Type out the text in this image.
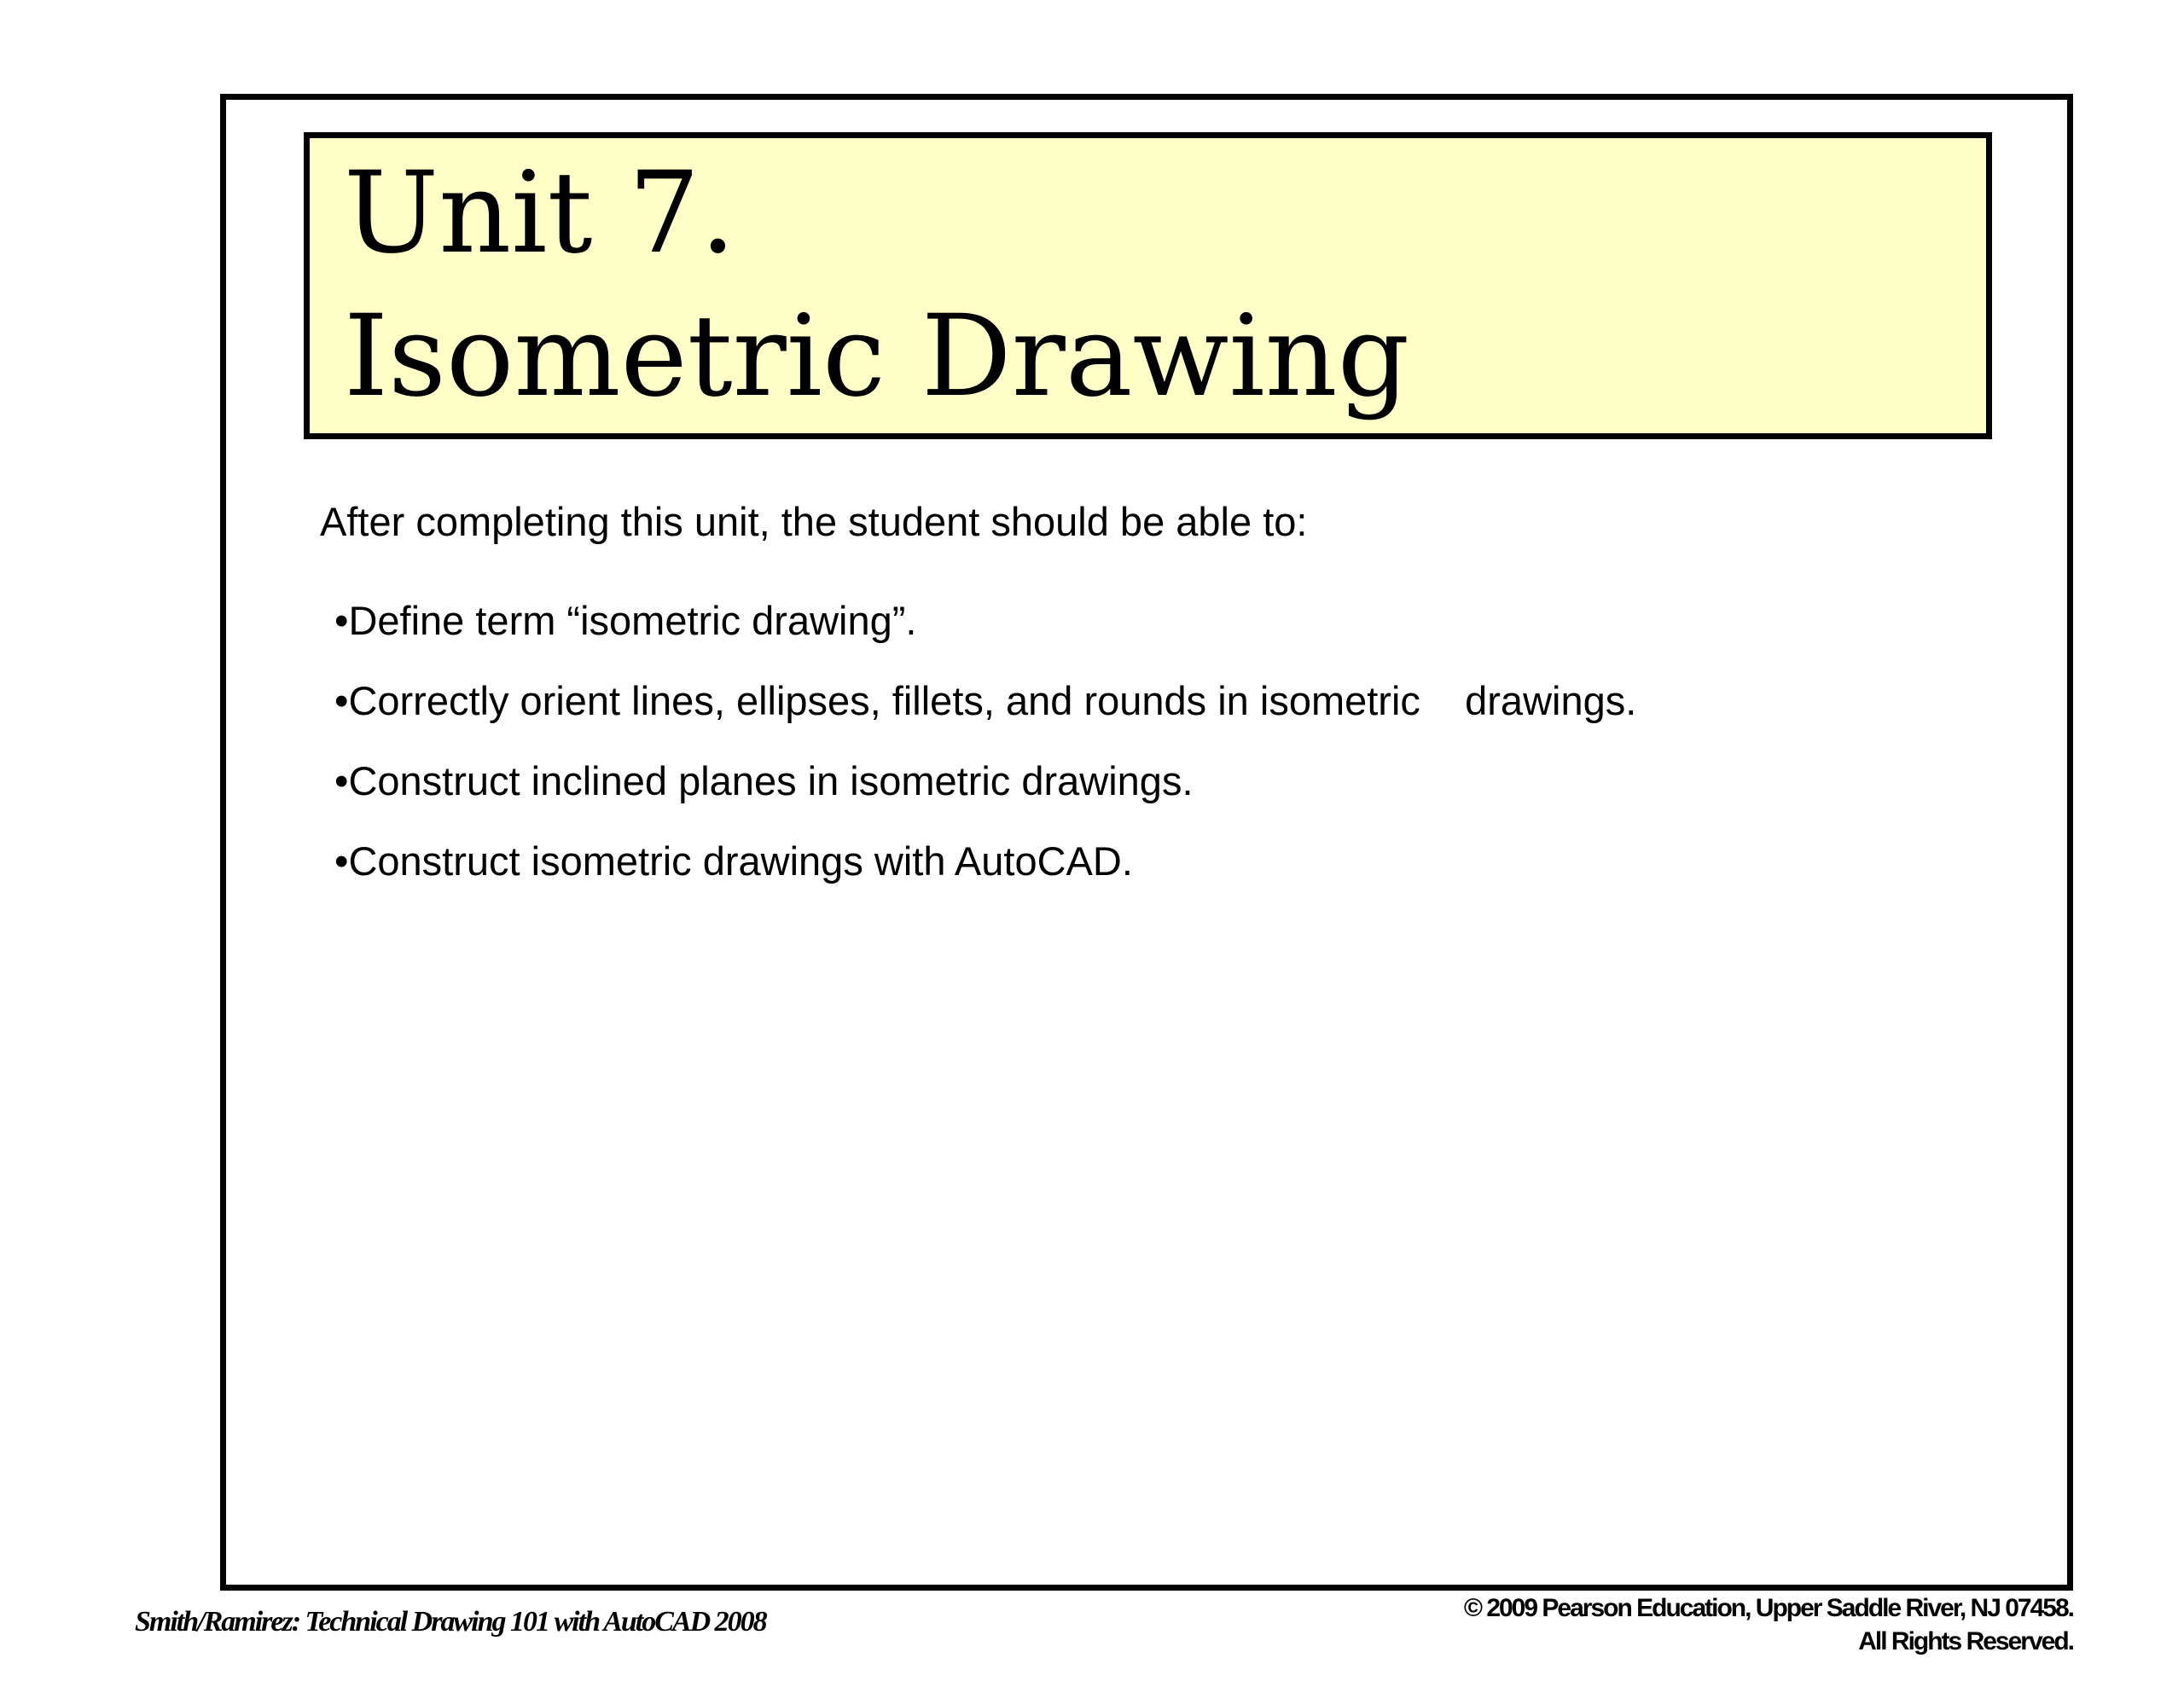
Unit 7.
Isometric Drawing
After completing this unit, the student should be able to:
•Define term “isometric drawing”.
•Correctly orient lines, ellipses, fillets, and rounds in isometric    drawings.
•Construct inclined planes in isometric drawings.
•Construct isometric drawings with AutoCAD.
Smith/Ramirez: Technical Drawing 101 with AutoCAD 2008	© 2009 Pearson Education, Upper Saddle River, NJ 07458.
All Rights Reserved.
